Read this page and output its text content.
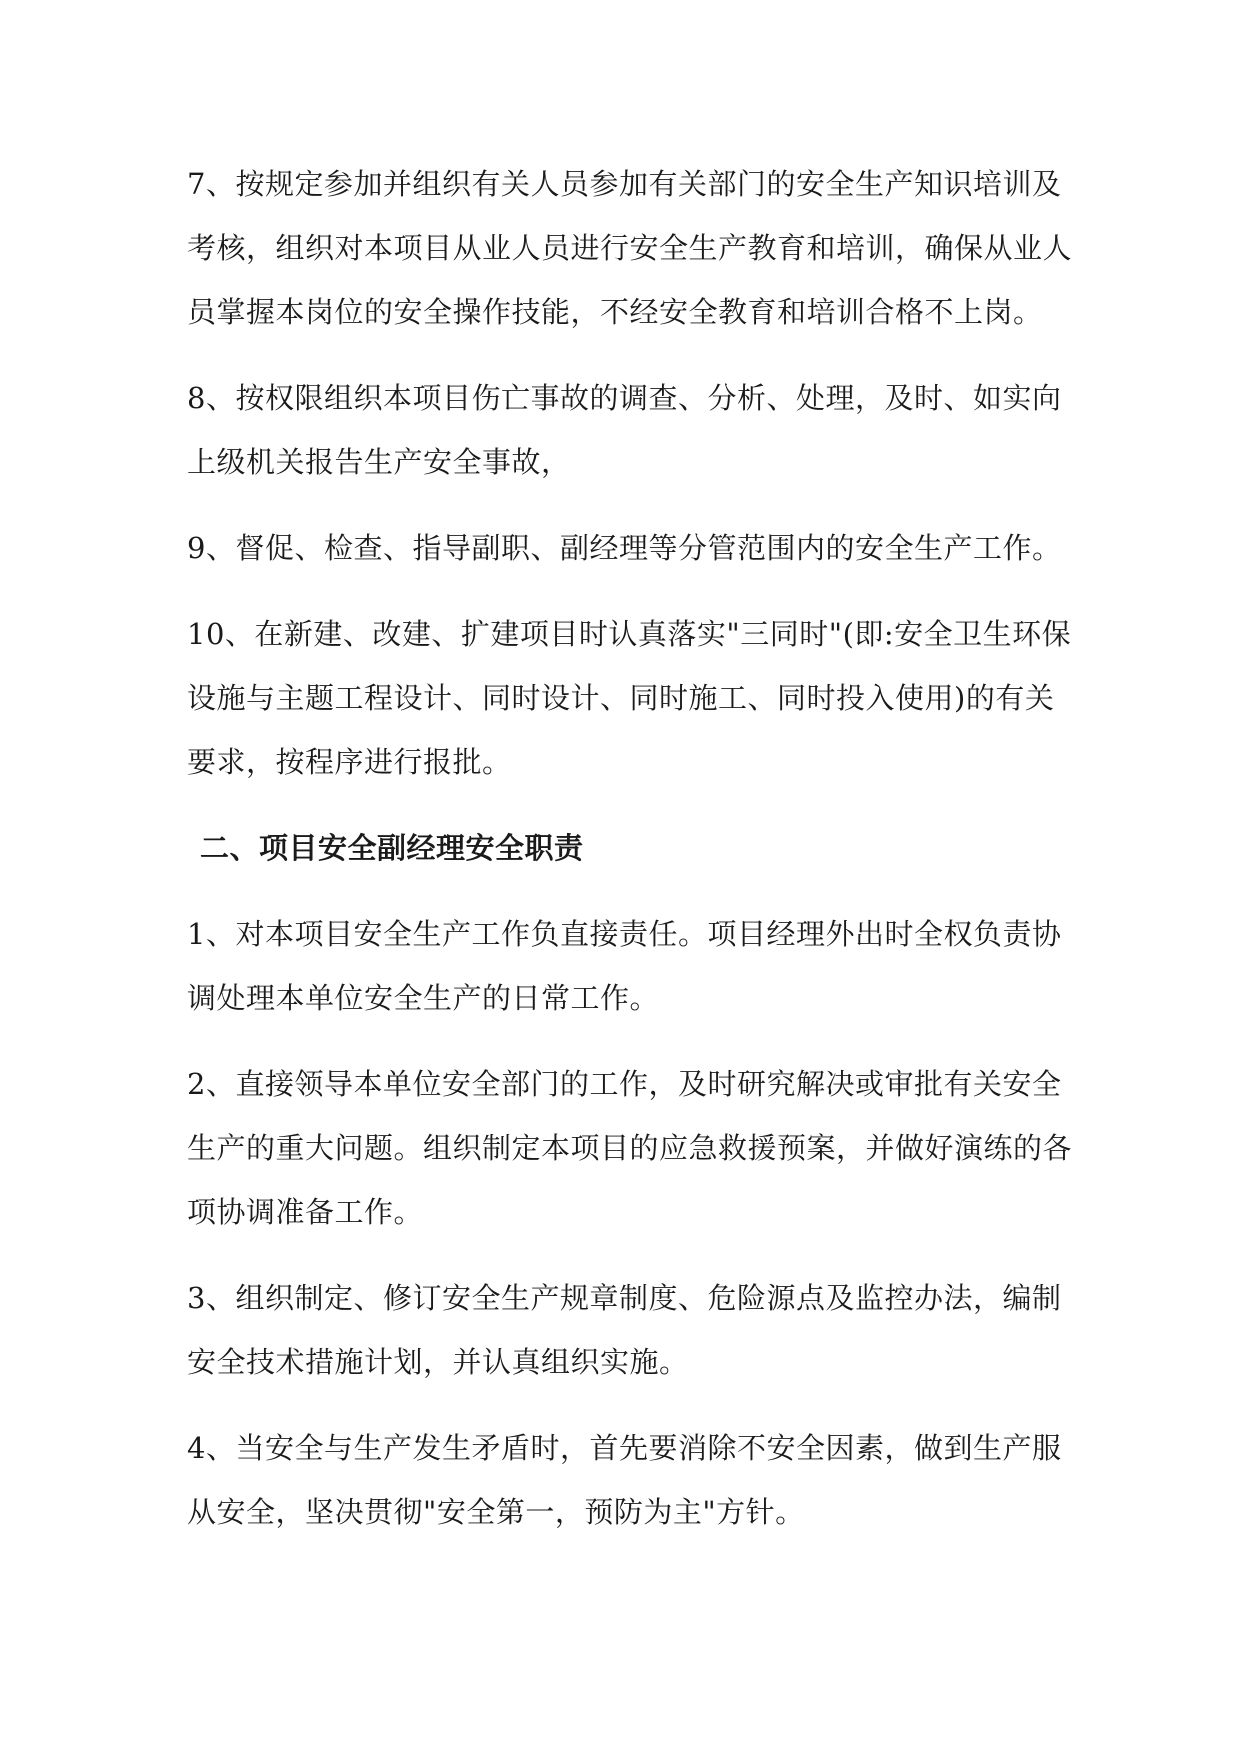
7、按规定参加并组织有关人员参加有关部门的安全生产知识培训及
考核，组织对本项目从业人员进行安全生产教育和培训，确保从业人
员掌握本岗位的安全操作技能，不经安全教育和培训合格不上岗。
8、按权限组织本项目伤亡事故的调查、分析、处理，及时、如实向
上级机关报告生产安全事故，
9、督促、检查、指导副职、副经理等分管范围内的安全生产工作。
10、在新建、改建、扩建项目时认真落实"三同时"(即:安全卫生环保
设施与主题工程设计、同时设计、同时施工、同时投入使用)的有关
要求，按程序进行报批。
二、项目安全副经理安全职责
1、对本项目安全生产工作负直接责任。项目经理外出时全权负责协
调处理本单位安全生产的日常工作。
2、直接领导本单位安全部门的工作，及时研究解决或审批有关安全
生产的重大问题。组织制定本项目的应急救援预案，并做好演练的各
项协调准备工作。
3、组织制定、修订安全生产规章制度、危险源点及监控办法，编制
安全技术措施计划，并认真组织实施。
4、当安全与生产发生矛盾时，首先要消除不安全因素，做到生产服
从安全，坚决贯彻"安全第一，预防为主"方针。
